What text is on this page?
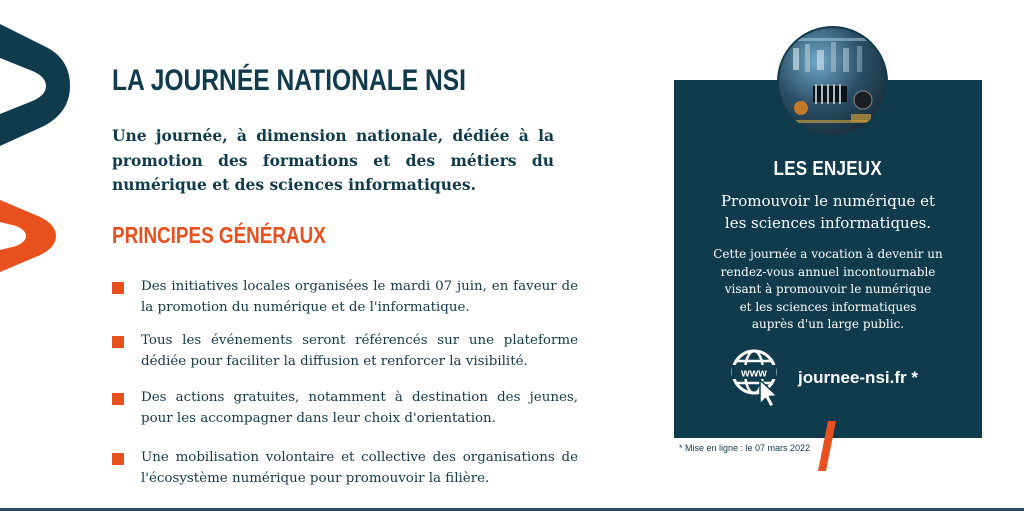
LA JOURNÉE NATIONALE NSI

Une journée, à dimension nationale, dédiée à la promotion des formations et des métiers du numérique et des sciences informatiques.

PRINCIPES GÉNÉRAUX
Des initiatives locales organisées le mardi 07 juin, en faveur de la promotion du numérique et de l'informatique.
Tous les événements seront référencés sur une plateforme dédiée pour faciliter la diffusion et renforcer la visibilité.
Des actions gratuites, notamment à destination des jeunes, pour les accompagner dans leur choix d'orientation.
Une mobilisation volontaire et collective des organisations de l'écosystème numérique pour promouvoir la filière.
LES ENJEUX
Promouvoir le numérique et
les sciences informatiques.
Cette journée a vocation à devenir un
rendez-vous annuel incontournable
visant à promouvoir le numérique
et les sciences informatiques
auprès d'un large public.
www journee-nsi.fr *
* Mise en ligne : le 07 mars 2022
